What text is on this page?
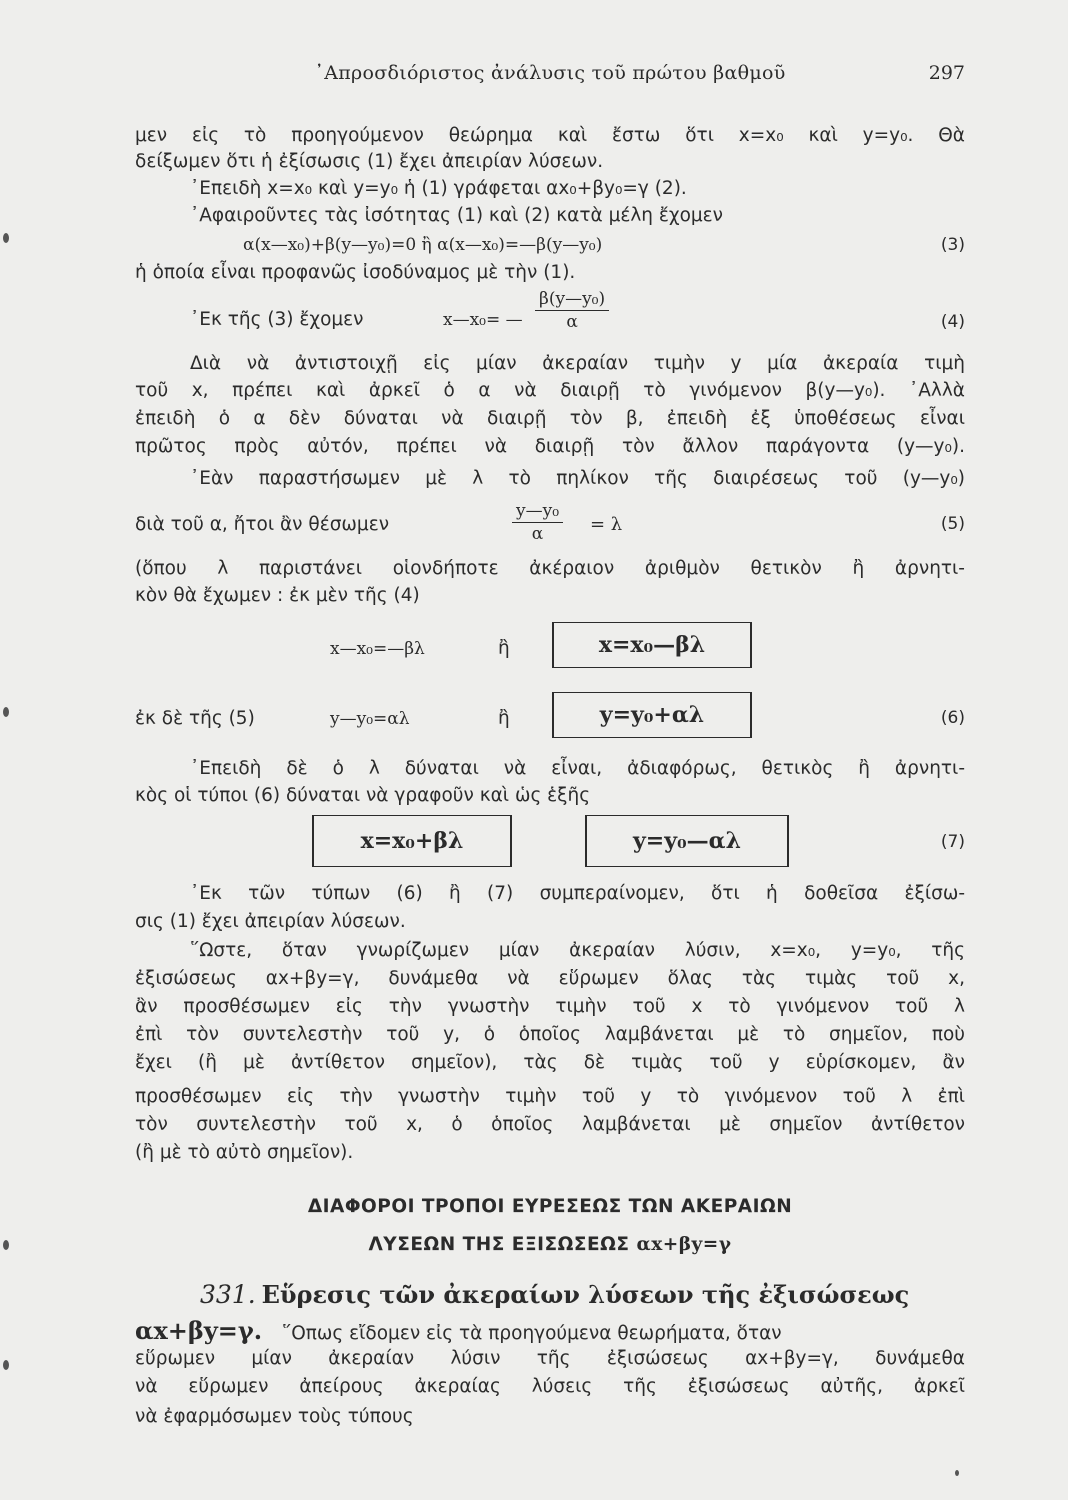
᾽Απροσδιόριστος ἀνάλυσις τοῦ πρώτου βαθμοῦ	297
μεν εἰς τὸ προηγούμενον θεώρημα καὶ ἔστω ὅτι x=x₀ καὶ y=y₀. Θὰ
δείξωμεν ὅτι ἡ ἐξίσωσις (1) ἔχει ἀπειρίαν λύσεων.
᾽Επειδὴ x=x₀ καὶ y=y₀ ἡ (1) γράφεται αx₀+βy₀=γ (2).
᾽Αφαιροῦντες τὰς ἰσότητας (1) καὶ (2) κατὰ μέλη ἔχομεν
α(x—x₀)+β(y—y₀)=0 ἢ α(x—x₀)=—β(y—y₀)	(3)
ἡ ὁποία εἶναι προφανῶς ἰσοδύναμος μὲ τὴν (1).
᾽Εκ τῆς (3) ἔχομεν	x—x₀= — $\frac{\text{β(y—y₀)}}{\alpha}$	(4)
Διὰ νὰ ἀντιστοιχῇ εἰς μίαν ἀκεραίαν τιμὴν y μία ἀκεραία τιμὴ
τοῦ x, πρέπει καὶ ἀρκεῖ ὁ α νὰ διαιρῇ τὸ γινόμενον β(y—y₀). ᾽Αλλὰ
ἐπειδὴ ὁ α δὲν δύναται νὰ διαιρῇ τὸν β, ἐπειδὴ ἐξ ὑποθέσεως εἶναι
πρῶτος πρὸς αὐτόν, πρέπει νὰ διαιρῇ τὸν ἄλλον παράγοντα (y—y₀).
᾽Εὰν παραστήσωμεν μὲ λ τὸ πηλίκον τῆς διαιρέσεως τοῦ (y—y₀)
διὰ τοῦ α, ἤτοι ἂν θέσωμεν	$\frac{\text{y—y₀}}{\alpha} = \lambda$	(5)
(ὅπου λ παριστάνει οἱονδήποτε ἀκέραιον ἀριθμὸν θετικὸν ἢ ἀρνητι-
κὸν θὰ ἔχωμεν : ἐκ μὲν τῆς (4)
x—x₀=—βλ	ἢ	x=x₀—βλ
ἐκ δὲ τῆς (5)	y—y₀=αλ	ἢ	y=y₀+αλ	(6)
᾽Επειδὴ δὲ ὁ λ δύναται νὰ εἶναι, ἀδιαφόρως, θετικὸς ἢ ἀρνητι-
κὸς οἱ τύποι (6) δύναται νὰ γραφοῦν καὶ ὡς ἑξῆς
x=x₀+βλ	y=y₀—αλ	(7)
᾽Εκ τῶν τύπων (6) ἢ (7) συμπεραίνομεν, ὅτι ἡ δοθεῖσα ἐξίσω-
σις (1) ἔχει ἀπειρίαν λύσεων.
῞Ωστε, ὅταν γνωρίζωμεν μίαν ἀκεραίαν λύσιν, x=x₀, y=y₀, τῆς
ἐξισώσεως αx+βy=γ, δυνάμεθα νὰ εὕρωμεν ὅλας τὰς τιμὰς τοῦ x,
ἂν προσθέσωμεν εἰς τὴν γνωστὴν τιμὴν τοῦ x τὸ γινόμενον τοῦ λ
ἐπὶ τὸν συντελεστὴν τοῦ y, ὁ ὁποῖος λαμβάνεται μὲ τὸ σημεῖον, ποὺ
ἔχει (ἢ μὲ ἀντίθετον σημεῖον), τὰς δὲ τιμὰς τοῦ y εὑρίσκομεν, ἂν
προσθέσωμεν εἰς τὴν γνωστὴν τιμὴν τοῦ y τὸ γινόμενον τοῦ λ ἐπὶ
τὸν συντελεστὴν τοῦ x, ὁ ὁποῖος λαμβάνεται μὲ σημεῖον ἀντίθετον
(ἢ μὲ τὸ αὐτὸ σημεῖον).
ΔΙΑΦΟΡΟΙ ΤΡΟΠΟΙ ΕΥΡΕΣΕΩΣ ΤΩΝ ΑΚΕΡΑΙΩΝ
ΛΥΣΕΩΝ ΤΗΣ ΕΞΙΣΩΣΕΩΣ αx+βy=γ
331. Εὕρεσις τῶν ἀκεραίων λύσεων τῆς ἐξισώσεως
αx+βy=γ. ῞Οπως εἴδομεν εἰς τὰ προηγούμενα θεωρήματα, ὅταν
εὕρωμεν μίαν ἀκεραίαν λύσιν τῆς ἐξισώσεως αx+βy=γ, δυνάμεθα
νὰ εὕρωμεν ἀπείρους ἀκεραίας λύσεις τῆς ἐξισώσεως αὐτῆς, ἀρκεῖ
νὰ ἐφαρμόσωμεν τοὺς τύπους
